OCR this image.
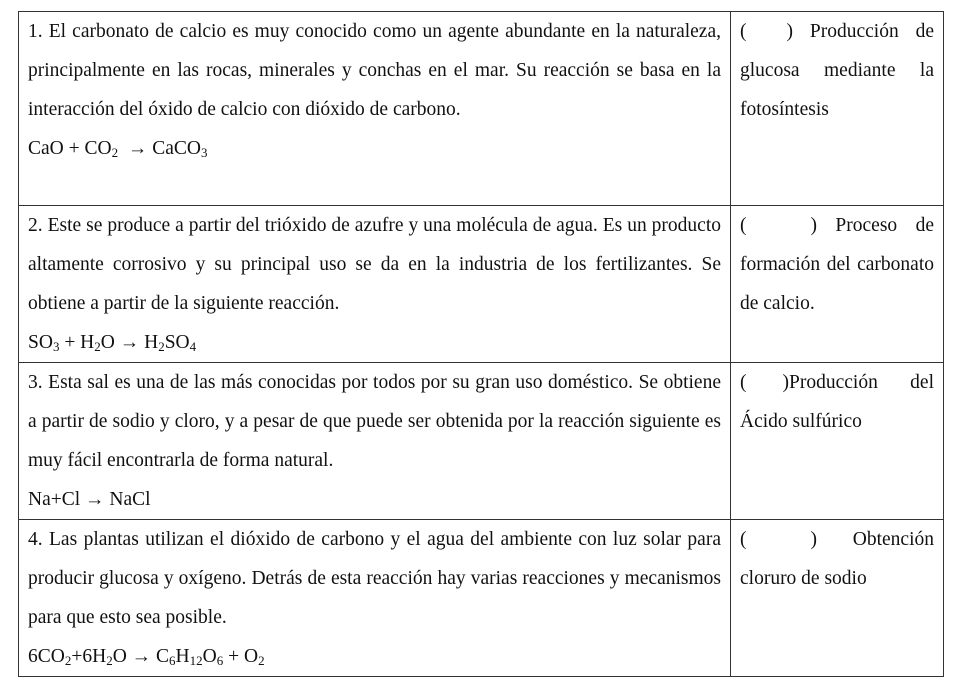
1. El carbonato de calcio es muy conocido como un agente abundante en la naturaleza, principalmente en las rocas, minerales y conchas en el mar. Su reacción se basa en la interacción del óxido de calcio con dióxido de carbono.
CaO + $CO_2$  → CaCO$_3$	( ) Producción de glucosa mediante la fotosíntesis
2. Este se produce a partir del trióxido de azufre y una molécula de agua. Es un producto altamente corrosivo y su principal uso se da en la industria de los fertilizantes. Se obtiene a partir de la siguiente reacción.
$SO_3 + H_2O \to H_2SO_4$	( ) Proceso de formación del carbonato de calcio.
3. Esta sal es una de las más conocidas por todos por su gran uso doméstico. Se obtiene a partir de sodio y cloro, y a pesar de que puede ser obtenida por la reacción siguiente es muy fácil encontrarla de forma natural.
Na+Cl → NaCl	( )Producción del Ácido sulfúrico
4. Las plantas utilizan el dióxido de carbono y el agua del ambiente con luz solar para producir glucosa y oxígeno. Detrás de esta reacción hay varias reacciones y mecanismos para que esto sea posible.
$6CO_2+6H_2O \to C_6H_{12}O_6 + O_2$	( ) Obtención cloruro de sodio
